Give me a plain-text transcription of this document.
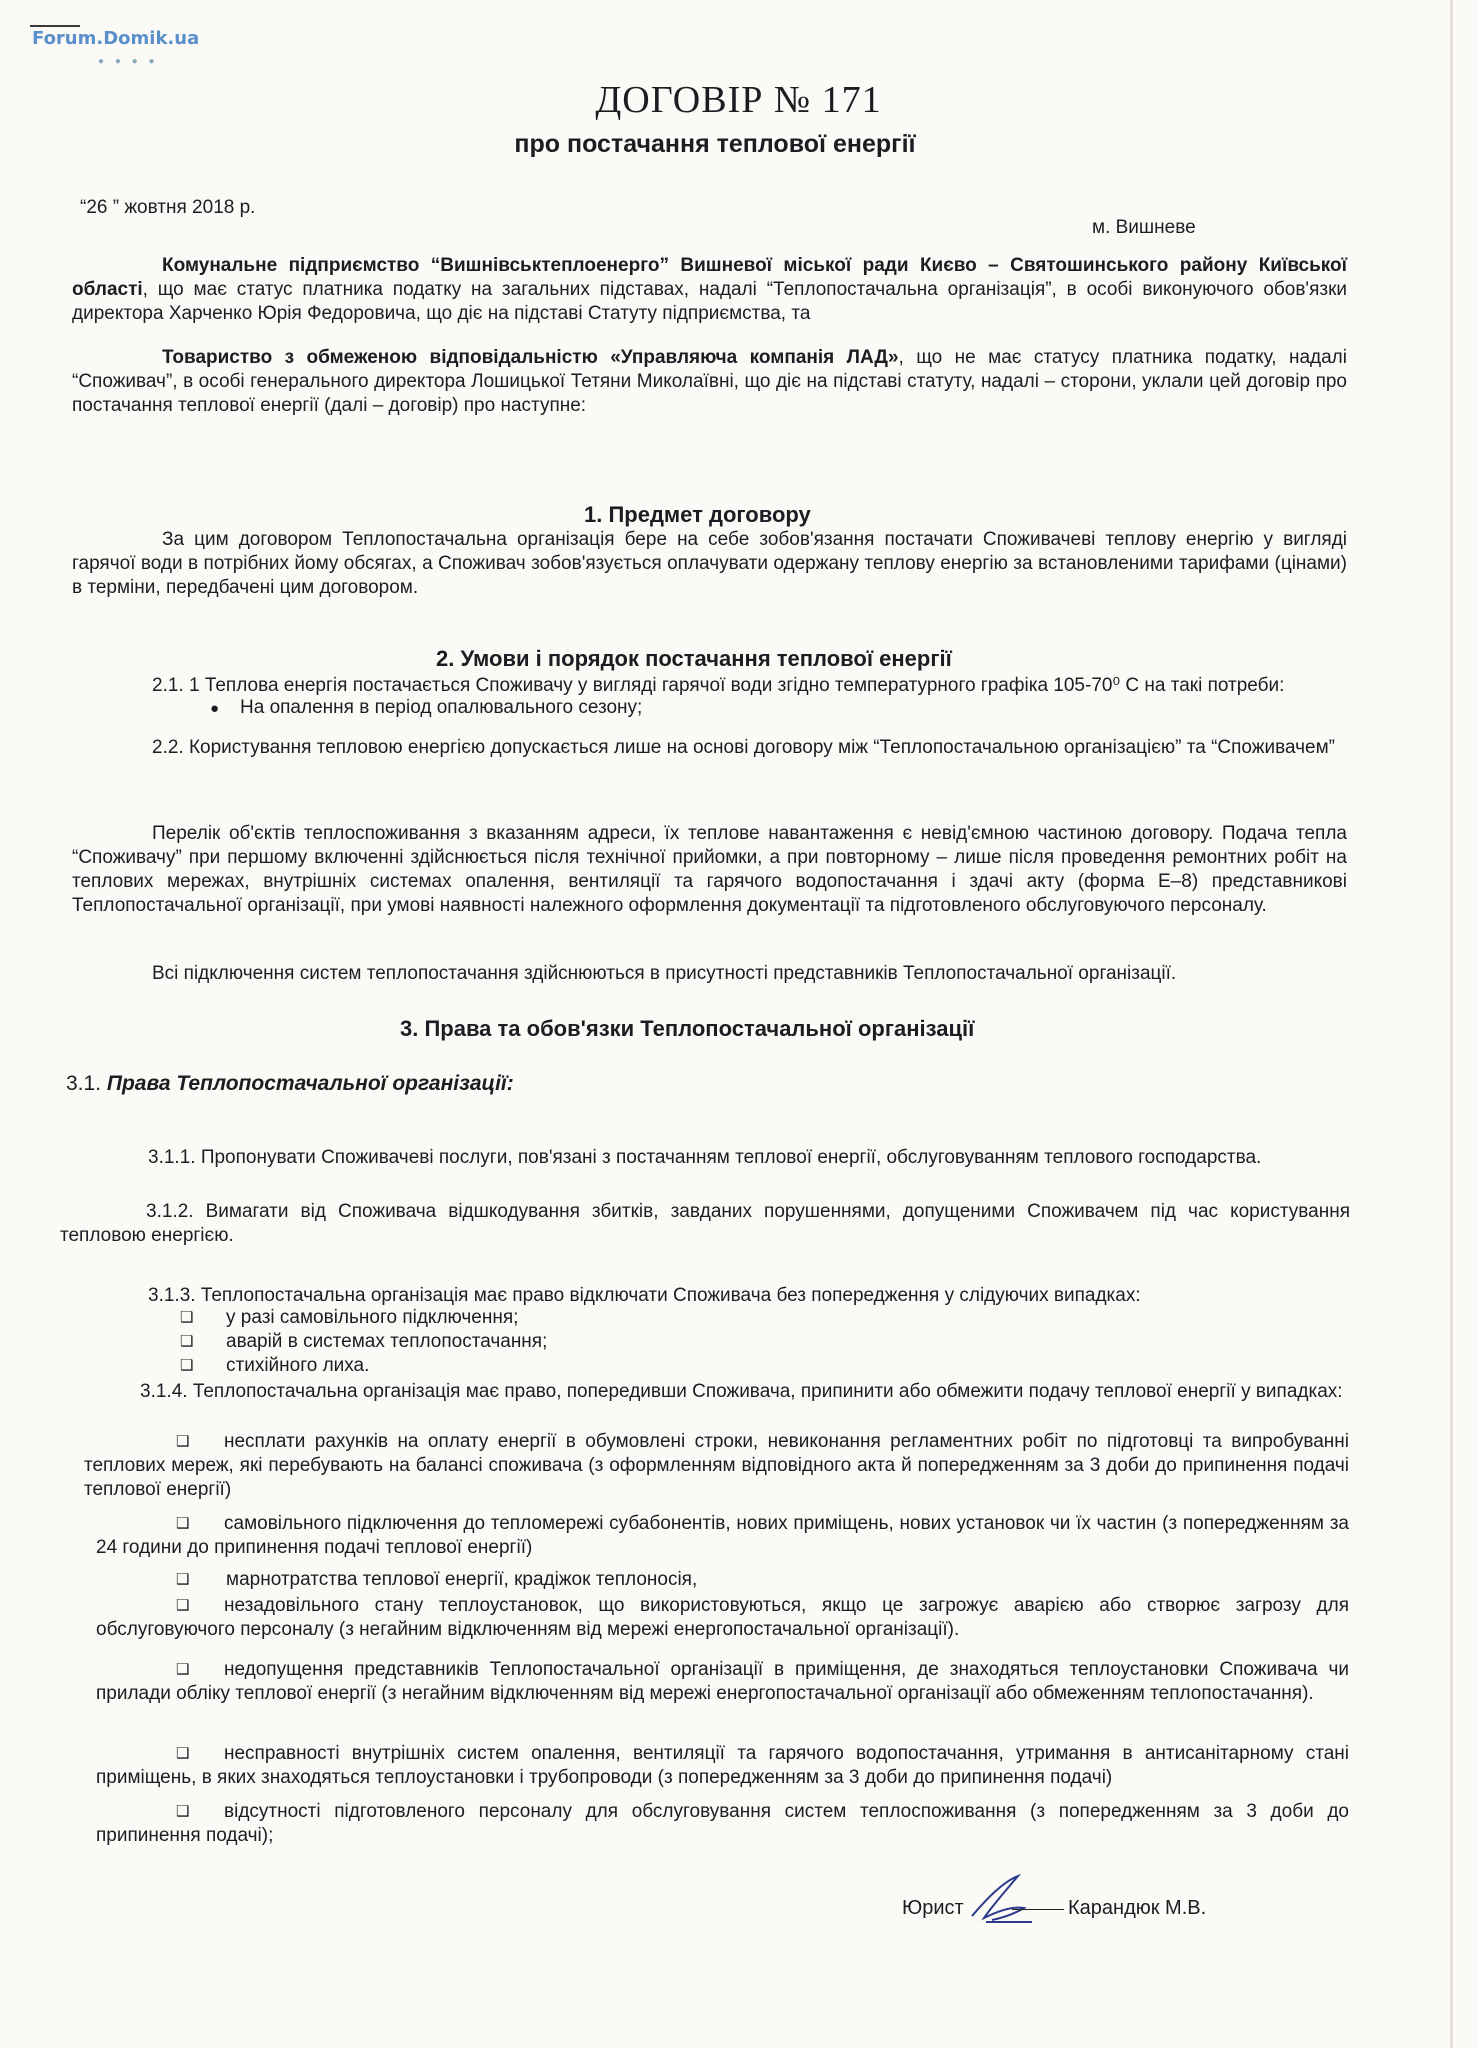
Forum.Domik.ua
● ● ● ●
ДОГОВІР № 171
про постачання теплової енергії
“26 ” жовтня 2018 р.
м. Вишневе
Комунальне підприємство “Вишнівськтеплоенерго” Вишневої міської ради Києво – Святошинського району Київської області, що має статус платника податку на загальних підставах, надалі “Теплопостачальна організація”, в особі виконуючого обов'язки директора Харченко Юрія Федоровича, що діє на підставі Статуту підприємства, та
Товариство з обмеженою відповідальністю «Управляюча компанія ЛАД», що не має статусу платника податку, надалі “Споживач”, в особі генерального директора Лошицької Тетяни Миколаївні, що діє на підставі статуту, надалі – сторони, уклали цей договір про постачання теплової енергії (далі – договір) про наступне:
1. Предмет договору
За цим договором Теплопостачальна організація бере на себе зобов'язання постачати Споживачеві теплову енергію у вигляді гарячої води в потрібних йому обсягах, а Споживач зобов'язується оплачувати одержану теплову енергію за встановленими тарифами (цінами) в терміни, передбачені цим договором.
2. Умови і порядок постачання теплової енергії
2.1. 1 Теплова енергія постачається Споживачу у вигляді гарячої води згідно температурного графіка 105-70⁰ С на такі потреби:
● На опалення в період опалювального сезону;
2.2. Користування тепловою енергією допускається лише на основі договору між “Теплопостачальною організацією” та “Споживачем”
Перелік об'єктів теплоспоживання з вказанням адреси, їх теплове навантаження є невід'ємною частиною договору. Подача тепла “Споживачу” при першому включенні здійснюється після технічної прийомки, а при повторному – лише після проведення ремонтних робіт на теплових мережах, внутрішніх системах опалення, вентиляції та гарячого водопостачання і здачі акту (форма Е–8) представникові Теплопостачальної організації, при умові наявності належного оформлення документації та підготовленого обслуговуючого персоналу.
Всі підключення систем теплопостачання здійснюються в присутності представників Теплопостачальної організації.
3. Права та обов'язки Теплопостачальної організації
3.1. Права Теплопостачальної організації:
3.1.1. Пропонувати Споживачеві послуги, пов'язані з постачанням теплової енергії, обслуговуванням теплового господарства.
3.1.2. Вимагати від Споживача відшкодування збитків, завданих порушеннями, допущеними Споживачем під час користування тепловою енергією.
3.1.3. Теплопостачальна організація має право відключати Споживача без попередження у слідуючих випадках:
❑ у разі самовільного підключення;
❑ аварій в системах теплопостачання;
❑ стихійного лиха.
3.1.4. Теплопостачальна організація має право, попередивши Споживача, припинити або обмежити подачу теплової енергії у випадках:
❑	несплати рахунків на оплату енергії в обумовлені строки, невиконання регламентних робіт по підготовці та випробуванні теплових мереж, які перебувають на балансі споживача (з оформленням відповідного акта й попередженням за 3 доби до припинення подачі теплової енергії)
❑	самовільного підключення до тепломережі субабонентів, нових приміщень, нових установок чи їх частин (з попередженням за 24 години до припинення подачі теплової енергії)
❑ марнотратства теплової енергії, крадіжок теплоносія,
❑	незадовільного стану теплоустановок, що використовуються, якщо це загрожує аварією або створює загрозу для обслуговуючого персоналу (з негайним відключенням від мережі енергопостачальної організації).
❑	недопущення представників Теплопостачальної організації в приміщення, де знаходяться теплоустановки Споживача чи прилади обліку теплової енергії (з негайним відключенням від мережі енергопостачальної організації або обмеженням теплопостачання).
❑	несправності внутрішніх систем опалення, вентиляції та гарячого водопостачання, утримання в антисанітарному стані приміщень, в яких знаходяться теплоустановки і трубопроводи (з попередженням за 3 доби до припинення подачі)
❑	відсутності підготовленого персоналу для обслуговування систем теплоспоживання (з попередженням за 3 доби до припинення подачі);
Юрист	Карандюк М.В.
